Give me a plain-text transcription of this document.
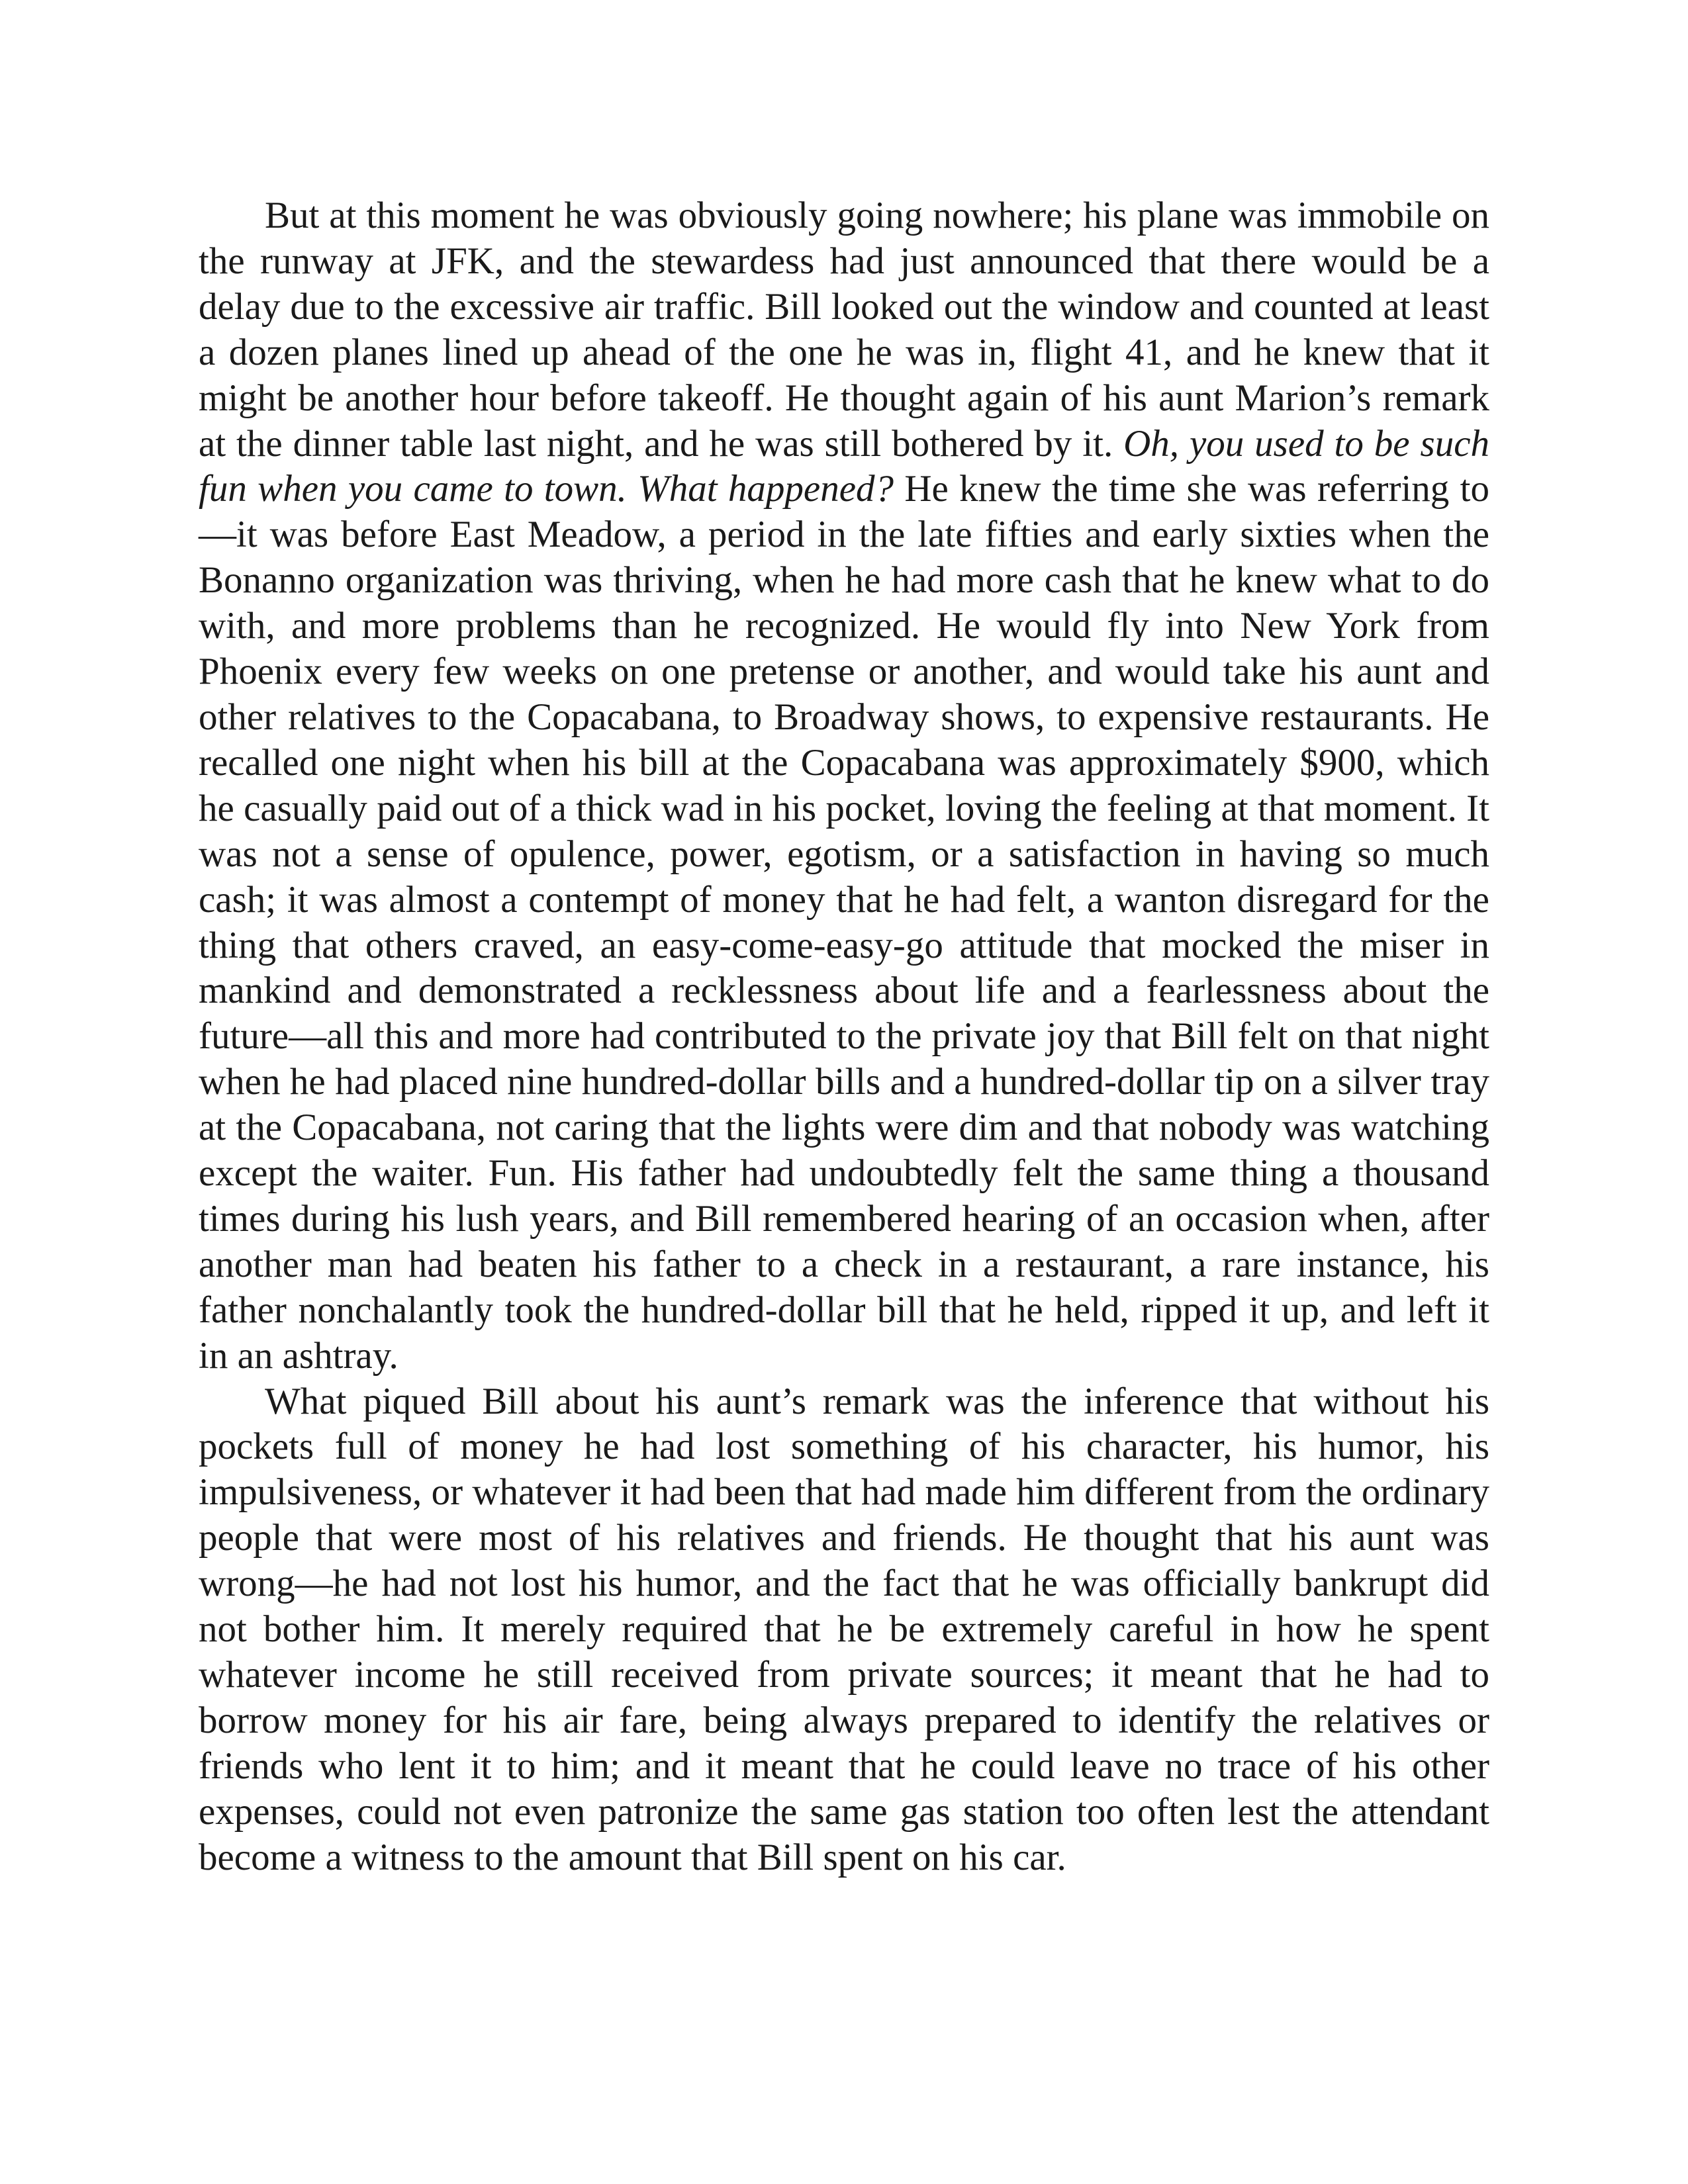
But at this moment he was obviously going nowhere; his plane was immobile on the runway at JFK, and the stewardess had just announced that there would be a delay due to the excessive air traffic. Bill looked out the window and counted at least a dozen planes lined up ahead of the one he was in, flight 41, and he knew that it might be another hour before takeoff. He thought again of his aunt Marion’s remark at the dinner table last night, and he was still bothered by it. Oh, you used to be such fun when you came to town. What happened? He knew the time she was referring to—it was before East Meadow, a period in the late fifties and early sixties when the Bonanno organization was thriving, when he had more cash that he knew what to do with, and more problems than he recognized. He would fly into New York from Phoenix every few weeks on one pretense or another, and would take his aunt and other relatives to the Copacabana, to Broadway shows, to expensive restaurants. He recalled one night when his bill at the Copacabana was approximately $900, which he casually paid out of a thick wad in his pocket, loving the feeling at that moment. It was not a sense of opulence, power, egotism, or a satisfaction in having so much cash; it was almost a contempt of money that he had felt, a wanton disregard for the thing that others craved, an easy-come-easy-go attitude that mocked the miser in mankind and demonstrated a recklessness about life and a fearlessness about the future—all this and more had contributed to the private joy that Bill felt on that night when he had placed nine hundred-dollar bills and a hundred-dollar tip on a silver tray at the Copacabana, not caring that the lights were dim and that nobody was watching except the waiter. Fun. His father had undoubtedly felt the same thing a thousand times during his lush years, and Bill remembered hearing of an occasion when, after another man had beaten his father to a check in a restaurant, a rare instance, his father nonchalantly took the hundred-dollar bill that he held, ripped it up, and left it in an ashtray.

What piqued Bill about his aunt’s remark was the inference that without his pockets full of money he had lost something of his character, his humor, his impulsiveness, or whatever it had been that had made him different from the ordinary people that were most of his relatives and friends. He thought that his aunt was wrong—he had not lost his humor, and the fact that he was officially bankrupt did not bother him. It merely required that he be extremely careful in how he spent whatever income he still received from private sources; it meant that he had to borrow money for his air fare, being always prepared to identify the relatives or friends who lent it to him; and it meant that he could leave no trace of his other expenses, could not even patronize the same gas station too often lest the attendant become a witness to the amount that Bill spent on his car.
